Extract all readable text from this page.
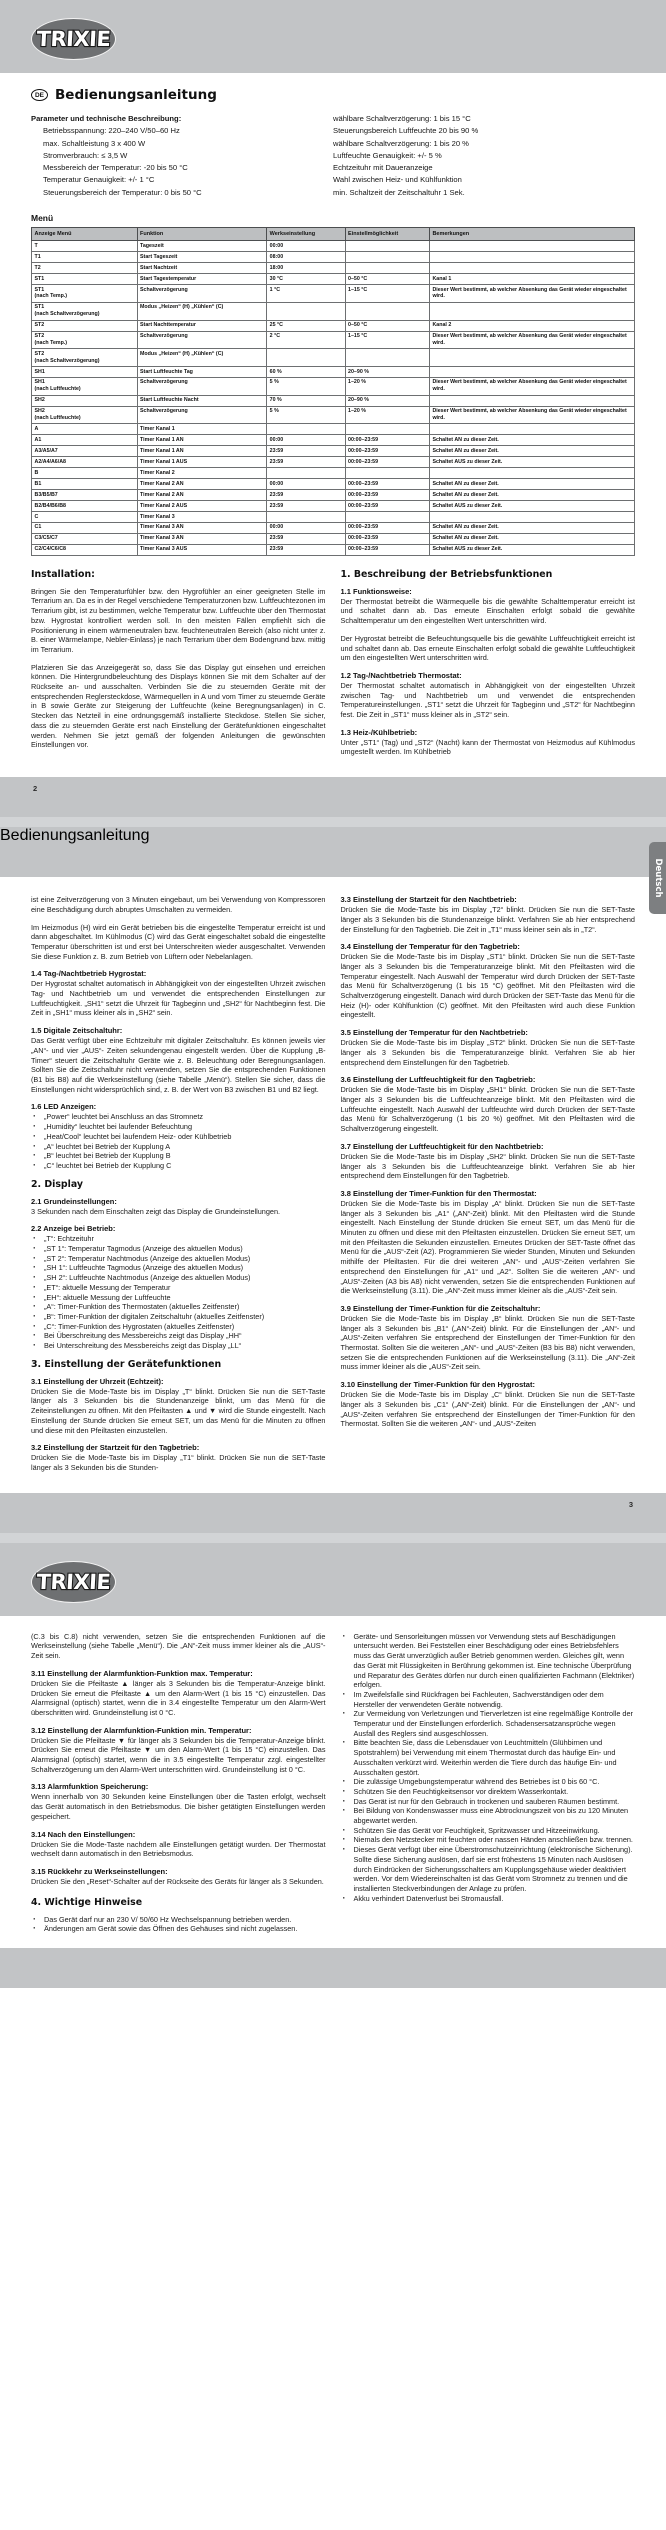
TRIXIE
DE Bedienungsanleitung
Parameter und technische Beschreibung:
Betriebsspannung: 220–240 V/50–60 Hz
max. Schaltleistung 3 x 400 W
Stromverbrauch: ≤ 3,5 W
Messbereich der Temperatur: -20 bis 50 °C
Temperatur Genauigkeit: +/- 1 °C
Steuerungsbereich der Temperatur: 0 bis 50 °C
wählbare Schaltverzögerung: 1 bis 15 °C
Steuerungsbereich Luftfeuchte 20 bis 90 %
wählbare Schaltverzögerung: 1 bis 20 %
Luftfeuchte Genauigkeit: +/- 5 %
Echtzeituhr mit Daueranzeige
Wahl zwischen Heiz- und Kühlfunktion
min. Schaltzeit der Zeitschaltuhr 1 Sek.
Menü
Anzeige Menü	Funktion	Werkseinstellung	Einstellmöglichkeit	Bemerkungen
T	Tageszeit	00:00		
T1	Start Tageszeit	08:00		
T2	Start Nachtzeit	18:00		
ST1	Start Tagestemperatur	30 °C	0–50 °C	Kanal 1
ST1
(nach Temp.)	Schaltverzögerung	1 °C	1–15 °C	Dieser Wert bestimmt, ab welcher Absenkung das Gerät wieder eingeschaltet wird.
ST1
(nach Schaltverzögerung)	Modus „Heizen“ (H) „Kühlen“ (C)			
ST2	Start Nachttemperatur	25 °C	0–50 °C	Kanal 2
ST2
(nach Temp.)	Schaltverzögerung	2 °C	1–15 °C	Dieser Wert bestimmt, ab welcher Absenkung das Gerät wieder eingeschaltet wird.
ST2
(nach Schaltverzögerung)	Modus „Heizen“ (H) „Kühlen“ (C)			
SH1	Start Luftfeuchte Tag	60 %	20–90 %	
SH1
(nach Luftfeuchte)	Schaltverzögerung	5 %	1–20 %	Dieser Wert bestimmt, ab welcher Absenkung das Gerät wieder eingeschaltet wird.
SH2	Start Luftfeuchte Nacht	70 %	20–90 %	
SH2
(nach Luftfeuchte)	Schaltverzögerung	5 %	1–20 %	Dieser Wert bestimmt, ab welcher Absenkung das Gerät wieder eingeschaltet wird.
A	Timer Kanal 1			
A1	Timer Kanal 1 AN	00:00	00:00–23:59	Schaltet AN zu dieser Zeit.
A3/A5/A7	Timer Kanal 1 AN	23:59	00:00–23:59	Schaltet AN zu dieser Zeit.
A2/A4/A6/A8	Timer Kanal 1 AUS	23:59	00:00–23:59	Schaltet AUS zu dieser Zeit.
B	Timer Kanal 2			
B1	Timer Kanal 2 AN	00:00	00:00–23:59	Schaltet AN zu dieser Zeit.
B3/B5/B7	Timer Kanal 2 AN	23:59	00:00–23:59	Schaltet AN zu dieser Zeit.
B2/B4/B6/B8	Timer Kanal 2 AUS	23:59	00:00–23:59	Schaltet AUS zu dieser Zeit.
C	Timer Kanal 3			
C1	Timer Kanal 3 AN	00:00	00:00–23:59	Schaltet AN zu dieser Zeit.
C3/C5/C7	Timer Kanal 3 AN	23:59	00:00–23:59	Schaltet AN zu dieser Zeit.
C2/C4/C6/C8	Timer Kanal 3 AUS	23:59	00:00–23:59	Schaltet AUS zu dieser Zeit.
Installation:

Bringen Sie den Temperaturfühler bzw. den Hygrofühler an einer geeigneten Stelle im Terrarium an. Da es in der Regel verschiedene Temperaturzonen bzw. Luftfeuchtezonen im Terrarium gibt, ist zu bestimmen, welche Temperatur bzw. Luftfeuchte über den Thermostat bzw. Hygrostat kontrolliert werden soll. In den meisten Fällen empfiehlt sich die Positionierung in einem wärmeneutralen bzw. feuchteneutralen Bereich (also nicht unter z. B. einer Wärmelampe, Nebler-Einlass) je nach Terrarium über dem Bodengrund bzw. mittig im Terrarium.

Platzieren Sie das Anzeigegerät so, dass Sie das Display gut einsehen und erreichen können. Die Hintergrundbeleuchtung des Displays können Sie mit dem Schalter auf der Rückseite an- und ausschalten. Verbinden Sie die zu steuernden Geräte mit der entsprechenden Reglersteckdose, Wärmequellen in A und vom Timer zu steuernde Geräte in B sowie Geräte zur Steigerung der Luftfeuchte (keine Beregnungsanlagen) in C. Stecken das Netzteil in eine ordnungsgemäß installierte Steckdose. Stellen Sie sicher, dass die zu steuernden Geräte erst nach Einstellung der Gerätefunktionen eingeschaltet werden. Nehmen Sie jetzt gemäß der folgenden Anleitungen die gewünschten Einstellungen vor.

1. Beschreibung der Betriebsfunktionen
1.1 Funktionsweise:

Der Thermostat betreibt die Wärmequelle bis die gewählte Schalttemperatur erreicht ist und schaltet dann ab. Das erneute Einschalten erfolgt sobald die gewählte Schalttemperatur um den eingestellten Wert unterschritten wird.

Der Hygrostat betreibt die Befeuchtungsquelle bis die gewählte Luftfeuchtigkeit erreicht ist und schaltet dann ab. Das erneute Einschalten erfolgt sobald die gewählte Luftfeuchtigkeit um den eingestellten Wert unterschritten wird.

1.2 Tag-/Nachtbetrieb Thermostat:

Der Thermostat schaltet automatisch in Abhängigkeit von der eingestellten Uhrzeit zwischen Tag- und Nachtbetrieb um und verwendet die entsprechenden Temperatureinstellungen. „ST1“ setzt die Uhrzeit für Tagbeginn und „ST2“ für Nachtbeginn fest. Die Zeit in „ST1“ muss kleiner als in „ST2“ sein.

1.3 Heiz-/Kühlbetrieb:

Unter „ST1“ (Tag) und „ST2“ (Nacht) kann der Thermostat von Heizmodus auf Kühlmodus umgestellt werden. Im Kühlbetrieb

2
Bedienungsanleitung
Deutsch

ist eine Zeitverzögerung von 3 Minuten eingebaut, um bei Verwendung von Kompressoren eine Beschädigung durch abruptes Umschalten zu vermeiden.

Im Heizmodus (H) wird ein Gerät betrieben bis die eingestellte Temperatur erreicht ist und dann abgeschaltet. Im Kühlmodus (C) wird das Gerät eingeschaltet sobald die eingestellte Temperatur überschritten ist und erst bei Unterschreiten wieder ausgeschaltet. Verwenden Sie diese Funktion z. B. zum Betrieb von Lüftern oder Nebelanlagen.

1.4 Tag-/Nachtbetrieb Hygrostat:

Der Hygrostat schaltet automatisch in Abhängigkeit von der eingestellten Uhrzeit zwischen Tag- und Nachtbetrieb um und verwendet die entsprechenden Einstellungen zur Luftfeuchtigkeit. „SH1“ setzt die Uhrzeit für Tagbeginn und „SH2“ für Nachtbeginn fest. Die Zeit in „SH1“ muss kleiner als in „SH2“ sein.

1.5 Digitale Zeitschaltuhr:

Das Gerät verfügt über eine Echtzeituhr mit digitaler Zeitschaltuhr. Es können jeweils vier „AN“- und vier „AUS“- Zeiten sekundengenau eingestellt werden. Über die Kupplung „B-Timer“ steuert die Zeitschaltuhr Geräte wie z. B. Beleuchtung oder Beregnungsanlagen. Sollten Sie die Zeitschaltuhr nicht verwenden, setzen Sie die entsprechenden Funktionen (B1 bis B8) auf die Werkseinstellung (siehe Tabelle „Menü“). Stellen Sie sicher, dass die Einstellungen nicht widersprüchlich sind, z. B. der Wert von B3 zwischen B1 und B2 liegt.

1.6 LED Anzeigen:
· „Power“ leuchtet bei Anschluss an das Stromnetz
· „Humidity“ leuchtet bei laufender Befeuchtung
· „Heat/Cool“ leuchtet bei laufendem Heiz- oder Kühlbetrieb
· „A“ leuchtet bei Betrieb der Kupplung A
· „B“ leuchtet bei Betrieb der Kupplung B
· „C“ leuchtet bei Betrieb der Kupplung C
2. Display
2.1 Grundeinstellungen:

3 Sekunden nach dem Einschalten zeigt das Display die Grundeinstellungen.

2.2 Anzeige bei Betrieb:
· „T“: Echtzeituhr
· „ST 1“: Temperatur Tagmodus (Anzeige des aktuellen Modus)
· „ST 2“: Temperatur Nachtmodus (Anzeige des aktuellen Modus)
· „SH 1“: Luftfeuchte Tagmodus (Anzeige des aktuellen Modus)
· „SH 2“: Luftfeuchte Nachtmodus (Anzeige des aktuellen Modus)
· „ET“: aktuelle Messung der Temperatur
· „EH“: aktuelle Messung der Luftfeuchte
· „A“: Timer-Funktion des Thermostaten (aktuelles Zeitfenster)
· „B“: Timer-Funktion der digitalen Zeitschaltuhr (aktuelles Zeitfenster)
· „C“: Timer-Funktion des Hygrostaten (aktuelles Zeitfenster)
· Bei Überschreitung des Messbereichs zeigt das Display „HH“
· Bei Unterschreitung des Messbereichs zeigt das Display „LL“
3. Einstellung der Gerätefunktionen
3.1 Einstellung der Uhrzeit (Echtzeit):

Drücken Sie die Mode-Taste bis im Display „T“ blinkt. Drücken Sie nun die SET-Taste länger als 3 Sekunden bis die Stundenanzeige blinkt, um das Menü für die Zeiteinstellungen zu öffnen. Mit den Pfeiltasten ▲ und ▼ wird die Stunde eingestellt. Nach Einstellung der Stunde drücken Sie erneut SET, um das Menü für die Minuten zu öffnen und diese mit den Pfeiltasten einzustellen.

3.2 Einstellung der Startzeit für den Tagbetrieb:

Drücken Sie die Mode-Taste bis im Display „T1“ blinkt. Drücken Sie nun die SET-Taste länger als 3 Sekunden bis die Stunden-

3.3 Einstellung der Startzeit für den Nachtbetrieb:

Drücken Sie die Mode-Taste bis im Display „T2“ blinkt. Drücken Sie nun die SET-Taste länger als 3 Sekunden bis die Stundenanzeige blinkt. Verfahren Sie ab hier entsprechend der Einstellung für den Tagbetrieb. Die Zeit in „T1“ muss kleiner sein als in „T2“.

3.4 Einstellung der Temperatur für den Tagbetrieb:

Drücken Sie die Mode-Taste bis im Display „ST1“ blinkt. Drücken Sie nun die SET-Taste länger als 3 Sekunden bis die Temperaturanzeige blinkt. Mit den Pfeiltasten wird die Temperatur eingestellt. Nach Auswahl der Temperatur wird durch Drücken der SET-Taste das Menü für Schaltverzögerung (1 bis 15 °C) geöffnet. Mit den Pfeiltasten wird die Schaltverzögerung eingestellt. Danach wird durch Drücken der SET-Taste das Menü für die Heiz (H)- oder Kühlfunktion (C) geöffnet. Mit den Pfeiltasten wird auch diese Funktion eingestellt.

3.5 Einstellung der Temperatur für den Nachtbetrieb:

Drücken Sie die Mode-Taste bis im Display „ST2“ blinkt. Drücken Sie nun die SET-Taste länger als 3 Sekunden bis die Temperaturanzeige blinkt. Verfahren Sie ab hier entsprechend dem Einstellungen für den Tagbetrieb.

3.6 Einstellung der Luftfeuchtigkeit für den Tagbetrieb:

Drücken Sie die Mode-Taste bis im Display „SH1“ blinkt. Drücken Sie nun die SET-Taste länger als 3 Sekunden bis die Luftfeuchteanzeige blinkt. Mit den Pfeiltasten wird die Luftfeuchte eingestellt. Nach Auswahl der Luftfeuchte wird durch Drücken der SET-Taste das Menü für Schaltverzögerung (1 bis 20 %) geöffnet. Mit den Pfeiltasten wird die Schaltverzögerung eingestellt.

3.7 Einstellung der Luftfeuchtigkeit für den Nachtbetrieb:

Drücken Sie die Mode-Taste bis im Display „SH2“ blinkt. Drücken Sie nun die SET-Taste länger als 3 Sekunden bis die Luftfeuchteanzeige blinkt. Verfahren Sie ab hier entsprechend dem Einstellungen für den Tagbetrieb.

3.8 Einstellung der Timer-Funktion für den Thermostat:

Drücken Sie die Mode-Taste bis im Display „A“ blinkt. Drücken Sie nun die SET-Taste länger als 3 Sekunden bis „A1“ („AN“-Zeit) blinkt. Mit den Pfeiltasten wird die Stunde eingestellt. Nach Einstellung der Stunde drücken Sie erneut SET, um das Menü für die Minuten zu öffnen und diese mit den Pfeiltasten einzustellen. Drücken Sie erneut SET, um mit den Pfeiltasten die Sekunden einzustellen. Erneutes Drücken der SET-Taste öffnet das Menü für die „AUS“-Zeit (A2). Programmieren Sie wieder Stunden, Minuten und Sekunden mithilfe der Pfeiltasten. Für die drei weiteren „AN“- und „AUS“-Zeiten verfahren Sie entsprechend den Einstellungen für „A1“ und „A2“. Sollten Sie die weiteren „AN“- und „AUS“-Zeiten (A3 bis A8) nicht verwenden, setzen Sie die entsprechenden Funktionen auf die Werkseinstellung (3.11). Die „AN“-Zeit muss immer kleiner als die „AUS“-Zeit sein.

3.9 Einstellung der Timer-Funktion für die Zeitschaltuhr:

Drücken Sie die Mode-Taste bis im Display „B“ blinkt. Drücken Sie nun die SET-Taste länger als 3 Sekunden bis „B1“ („AN“-Zeit) blinkt. Für die Einstellungen der „AN“- und „AUS“-Zeiten verfahren Sie entsprechend der Einstellungen der Timer-Funktion für den Thermostat. Sollten Sie die weiteren „AN“- und „AUS“-Zeiten (B3 bis B8) nicht verwenden, setzen Sie die entsprechenden Funktionen auf die Werkseinstellung (3.11). Die „AN“-Zeit muss immer kleiner als die „AUS“-Zeit sein.

3.10 Einstellung der Timer-Funktion für den Hygrostat:

Drücken Sie die Mode-Taste bis im Display „C“ blinkt. Drücken Sie nun die SET-Taste länger als 3 Sekunden bis „C1“ („AN“-Zeit) blinkt. Für die Einstellungen der „AN“- und „AUS“-Zeiten verfahren Sie entsprechend der Einstellungen der Timer-Funktion für den Thermostat. Sollten Sie die weiteren „AN“- und „AUS“-Zeiten

3
TRIXIE

(C.3 bis C.8) nicht verwenden, setzen Sie die entsprechenden Funktionen auf die Werkseinstellung (siehe Tabelle „Menü“). Die „AN“-Zeit muss immer kleiner als die „AUS“-Zeit sein.

3.11 Einstellung der Alarmfunktion-Funktion max. Temperatur:

Drücken Sie die Pfeiltaste ▲ länger als 3 Sekunden bis die Temperatur-Anzeige blinkt. Drücken Sie erneut die Pfeiltaste ▲ um den Alarm-Wert (1 bis 15 °C) einzustellen. Das Alarmsignal (optisch) startet, wenn die in 3.4 eingestellte Temperatur um den Alarm-Wert überschritten wird. Grundeinstellung ist 0 °C.

3.12 Einstellung der Alarmfunktion-Funktion min. Temperatur:

Drücken Sie die Pfeiltaste ▼ für länger als 3 Sekunden bis die Temperatur-Anzeige blinkt. Drücken Sie erneut die Pfeiltaste ▼ um den Alarm-Wert (1 bis 15 °C) einzustellen. Das Alarmsignal (optisch) startet, wenn die in 3.5 eingestellte Temperatur zzgl. eingestellter Schaltverzögerung um den Alarm-Wert unterschritten wird. Grundeinstellung ist 0 °C.

3.13 Alarmfunktion Speicherung:

Wenn innerhalb von 30 Sekunden keine Einstellungen über die Tasten erfolgt, wechselt das Gerät automatisch in den Betriebsmodus. Die bisher getätigten Einstellungen werden gespeichert.

3.14 Nach den Einstellungen:

Drücken Sie die Mode-Taste nachdem alle Einstellungen getätigt wurden. Der Thermostat wechselt dann automatisch in den Betriebsmodus.

3.15 Rückkehr zu Werkseinstellungen:

Drücken Sie den „Reset“-Schalter auf der Rückseite des Geräts für länger als 3 Sekunden.

4. Wichtige Hinweise
· Das Gerät darf nur an 230 V/ 50/60 Hz Wechselspannung betrieben werden.
· Änderungen am Gerät sowie das Öffnen des Gehäuses sind nicht zugelassen.
· Geräte- und Sensorleitungen müssen vor Verwendung stets auf Beschädigungen untersucht werden. Bei Feststellen einer Beschädigung oder eines Betriebsfehlers muss das Gerät unverzüglich außer Betrieb genommen werden. Gleiches gilt, wenn das Gerät mit Flüssigkeiten in Berührung gekommen ist. Eine technische Überprüfung und Reparatur des Gerätes dürfen nur durch einen qualifizierten Fachmann (Elektriker) erfolgen.
· Im Zweifelsfalle sind Rückfragen bei Fachleuten, Sachverständigen oder dem Hersteller der verwendeten Geräte notwendig.
· Zur Vermeidung von Verletzungen und Tierverletzen ist eine regelmäßige Kontrolle der Temperatur und der Einstellungen erforderlich. Schadensersatzansprüche wegen Ausfall des Reglers sind ausgeschlossen.
· Bitte beachten Sie, dass die Lebensdauer von Leuchtmitteln (Glühbirnen und Spotstrahlern) bei Verwendung mit einem Thermostat durch das häufige Ein- und Ausschalten verkürzt wird. Weiterhin werden die Tiere durch das häufige Ein- und Ausschalten gestört.
· Die zulässige Umgebungstemperatur während des Betriebes ist 0 bis 60 °C.
· Schützen Sie den Feuchtigkeitsensor vor direktem Wasserkontakt.
· Das Gerät ist nur für den Gebrauch in trockenen und sauberen Räumen bestimmt.
· Bei Bildung von Kondenswasser muss eine Abtrocknungszeit von bis zu 120 Minuten abgewartet werden.
· Schützen Sie das Gerät vor Feuchtigkeit, Spritzwasser und Hitzeeinwirkung.
· Niemals den Netzstecker mit feuchten oder nassen Händen anschließen bzw. trennen.
· Dieses Gerät verfügt über eine Überstromschutzeinrichtung (elektronische Sicherung). Sollte diese Sicherung auslösen, darf sie erst frühestens 15 Minuten nach Auslösen durch Eindrücken der Sicherungsschalters am Kupplungsgehäuse wieder deaktiviert werden. Vor dem Wiedereinschalten ist das Gerät vom Stromnetz zu trennen und die installierten Steckverbindungen der Anlage zu prüfen.
· Akku verhindert Datenverlust bei Stromausfall.
